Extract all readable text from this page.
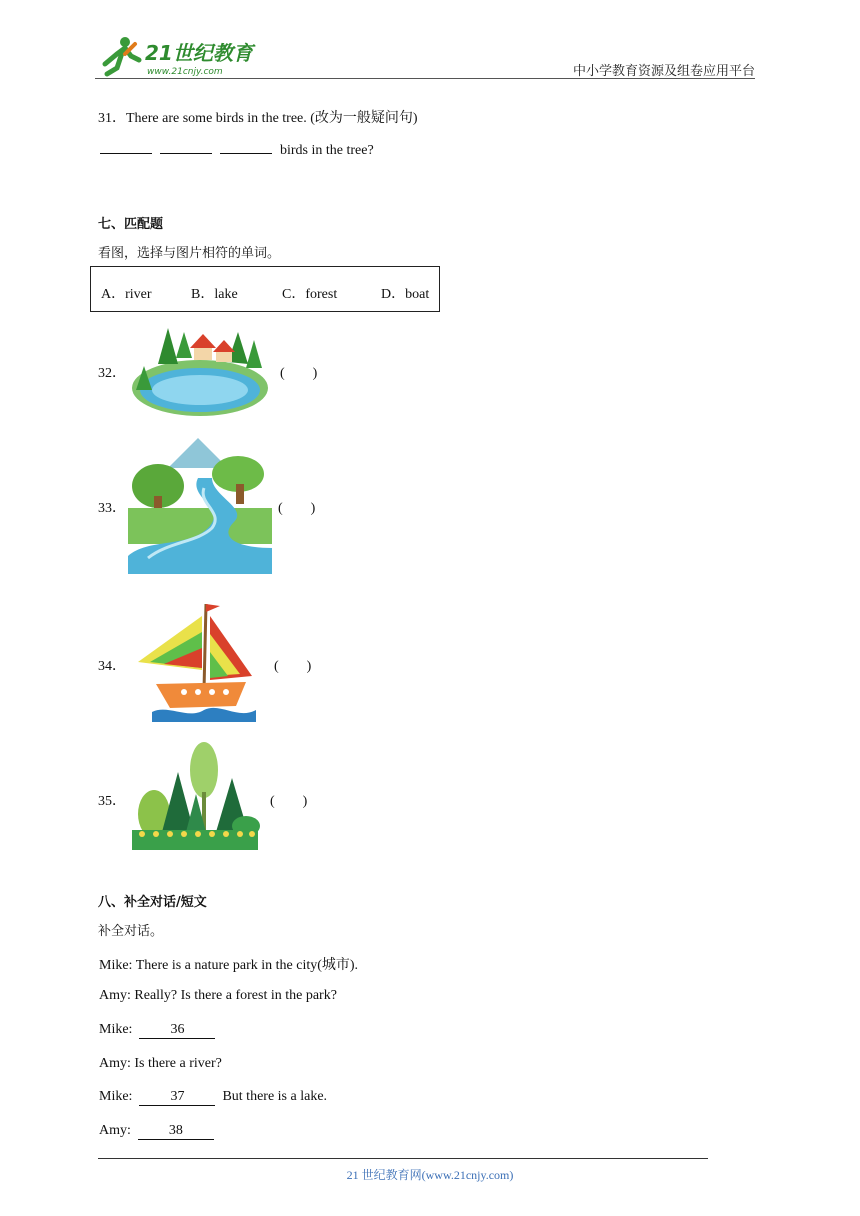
21世纪教育
www.21cnjy.com	中小学教育资源及组卷应用平台
31．There are some birds in the tree. (改为一般疑问句)
birds in the tree?
七、匹配题
看图，选择与图片相符的单词。
A．river	B．lake	C．forest	D．boat
32．	(　　)
33．	(　　)
34．	(　　)
35．	(　　)
八、补全对话/短文
补全对话。
Mike: There is a nature park in the city(城市).
Amy: Really? Is there a forest in the park?
Mike:	36
Amy: Is there a river?
Mike:	37	But there is a lake.
Amy:	38
21 世纪教育网(www.21cnjy.com)
